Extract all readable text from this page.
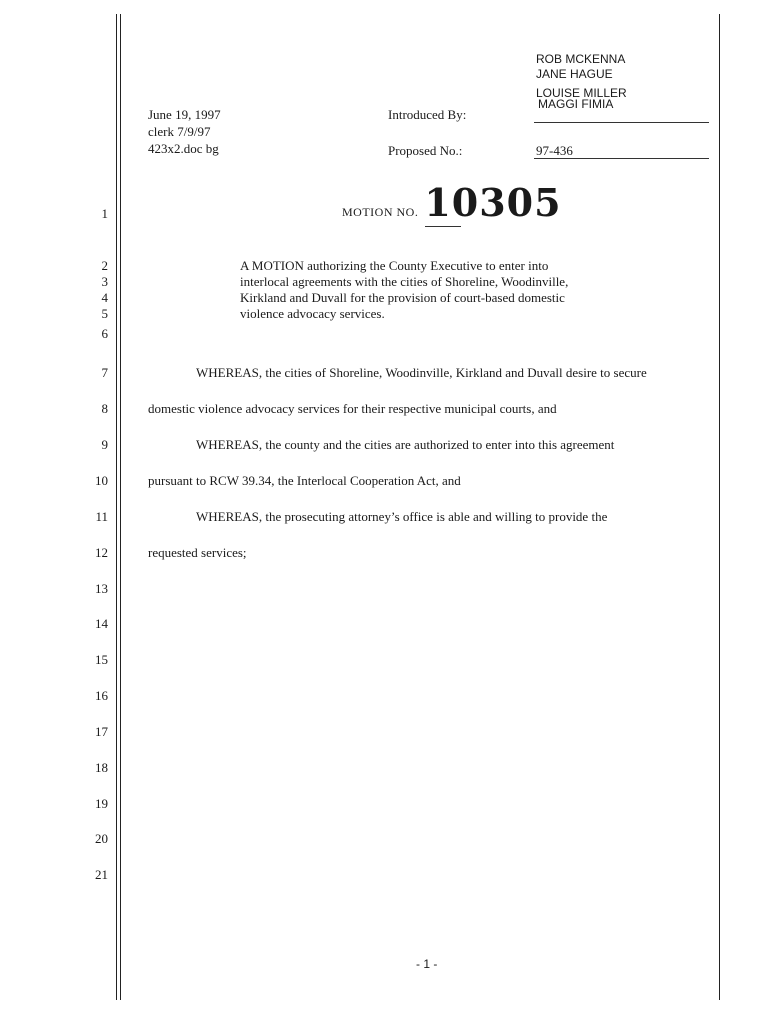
June 19, 1997
clerk 7/9/97
423x2.doc bg
Introduced By:
Proposed No.:
ROB MCKENNA
JANE HAGUE
LOUISE MILLER
MAGGI FIMIA
97-436
MOTION NO. 10305
1
2
3
4
5
6
7
8
9
10
11
12
13
14
15
16
17
18
19
20
21
A MOTION authorizing the County Executive to enter into
interlocal agreements with the cities of Shoreline, Woodinville,
Kirkland and Duvall for the provision of court-based domestic
violence advocacy services.
WHEREAS, the cities of Shoreline, Woodinville, Kirkland and Duvall desire to secure
domestic violence advocacy services for their respective municipal courts, and
WHEREAS, the county and the cities are authorized to enter into this agreement
pursuant to RCW 39.34, the Interlocal Cooperation Act, and
WHEREAS, the prosecuting attorney’s office is able and willing to provide the
requested services;
- 1 -
